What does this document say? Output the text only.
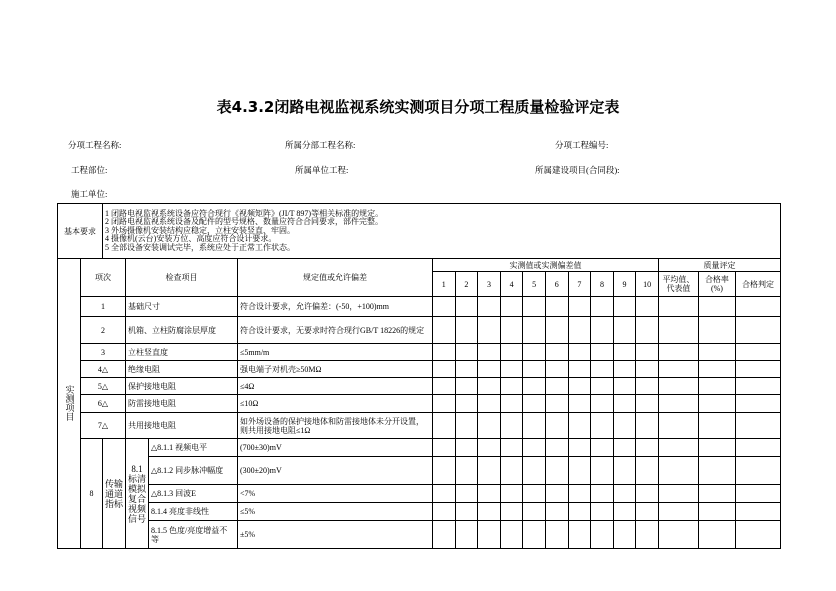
表4.3.2闭路电视监视系统实测项目分项工程质量检验评定表
分项工程名称:	所属分部工程名称:	分项工程编号:
工程部位:	所属单位工程:	所属建设项目(合同段):
施工单位:
基本要求		1 闭路电视监视系统设备应符合现行《视频矩阵》(JI/T 897)等相关标准的规定。
2 闭路电视监视系统设备及配件的型号规格、数量应符合合同要求，部件完整。
3 外场摄像机安装结构应稳定，立柱安装竖直、牢固。
4 摄像机(云台)安装方位、高度应符合设计要求。
5 全部设备安装调试完毕，系统应处于正常工作状态。																

实测项目	项次		检查项目		规定值或允许偏差	实测值或实测偏差值										质量评定		
						1	2	3	4	5	6	7	8	9	10	平均值、代表值	合格率(%)	合格判定
	1		基础尺寸		符合设计要求，允许偏差：(-50，+100)mm													
	2		机箱、立柱防腐涂层厚度		符合设计要求，无要求时符合现行GB/T 18226的规定													
	3		立柱竖直度		≤5mm/m													
	4△		绝缘电阻		强电端子对机壳≥50MΩ													
	5△		保护接地电阻		≤4Ω													
	6△		防雷接地电阻		≤10Ω													
	7△		共用接地电阻		如外场设备的保护接地体和防雷接地体未分开设置，则共用接地电阻≤1Ω													
	8	传输通道指标	8.1标清模拟复合视频信号	△8.1.1 视频电平	(700±30)mV													
				△8.1.2 同步脉冲幅度	(300±20)mV													
				△8.1.3 回波E	<7%													
				8.1.4 亮度非线性	≤5%													
				8.1.5 色度/亮度增益不等	±5%													
